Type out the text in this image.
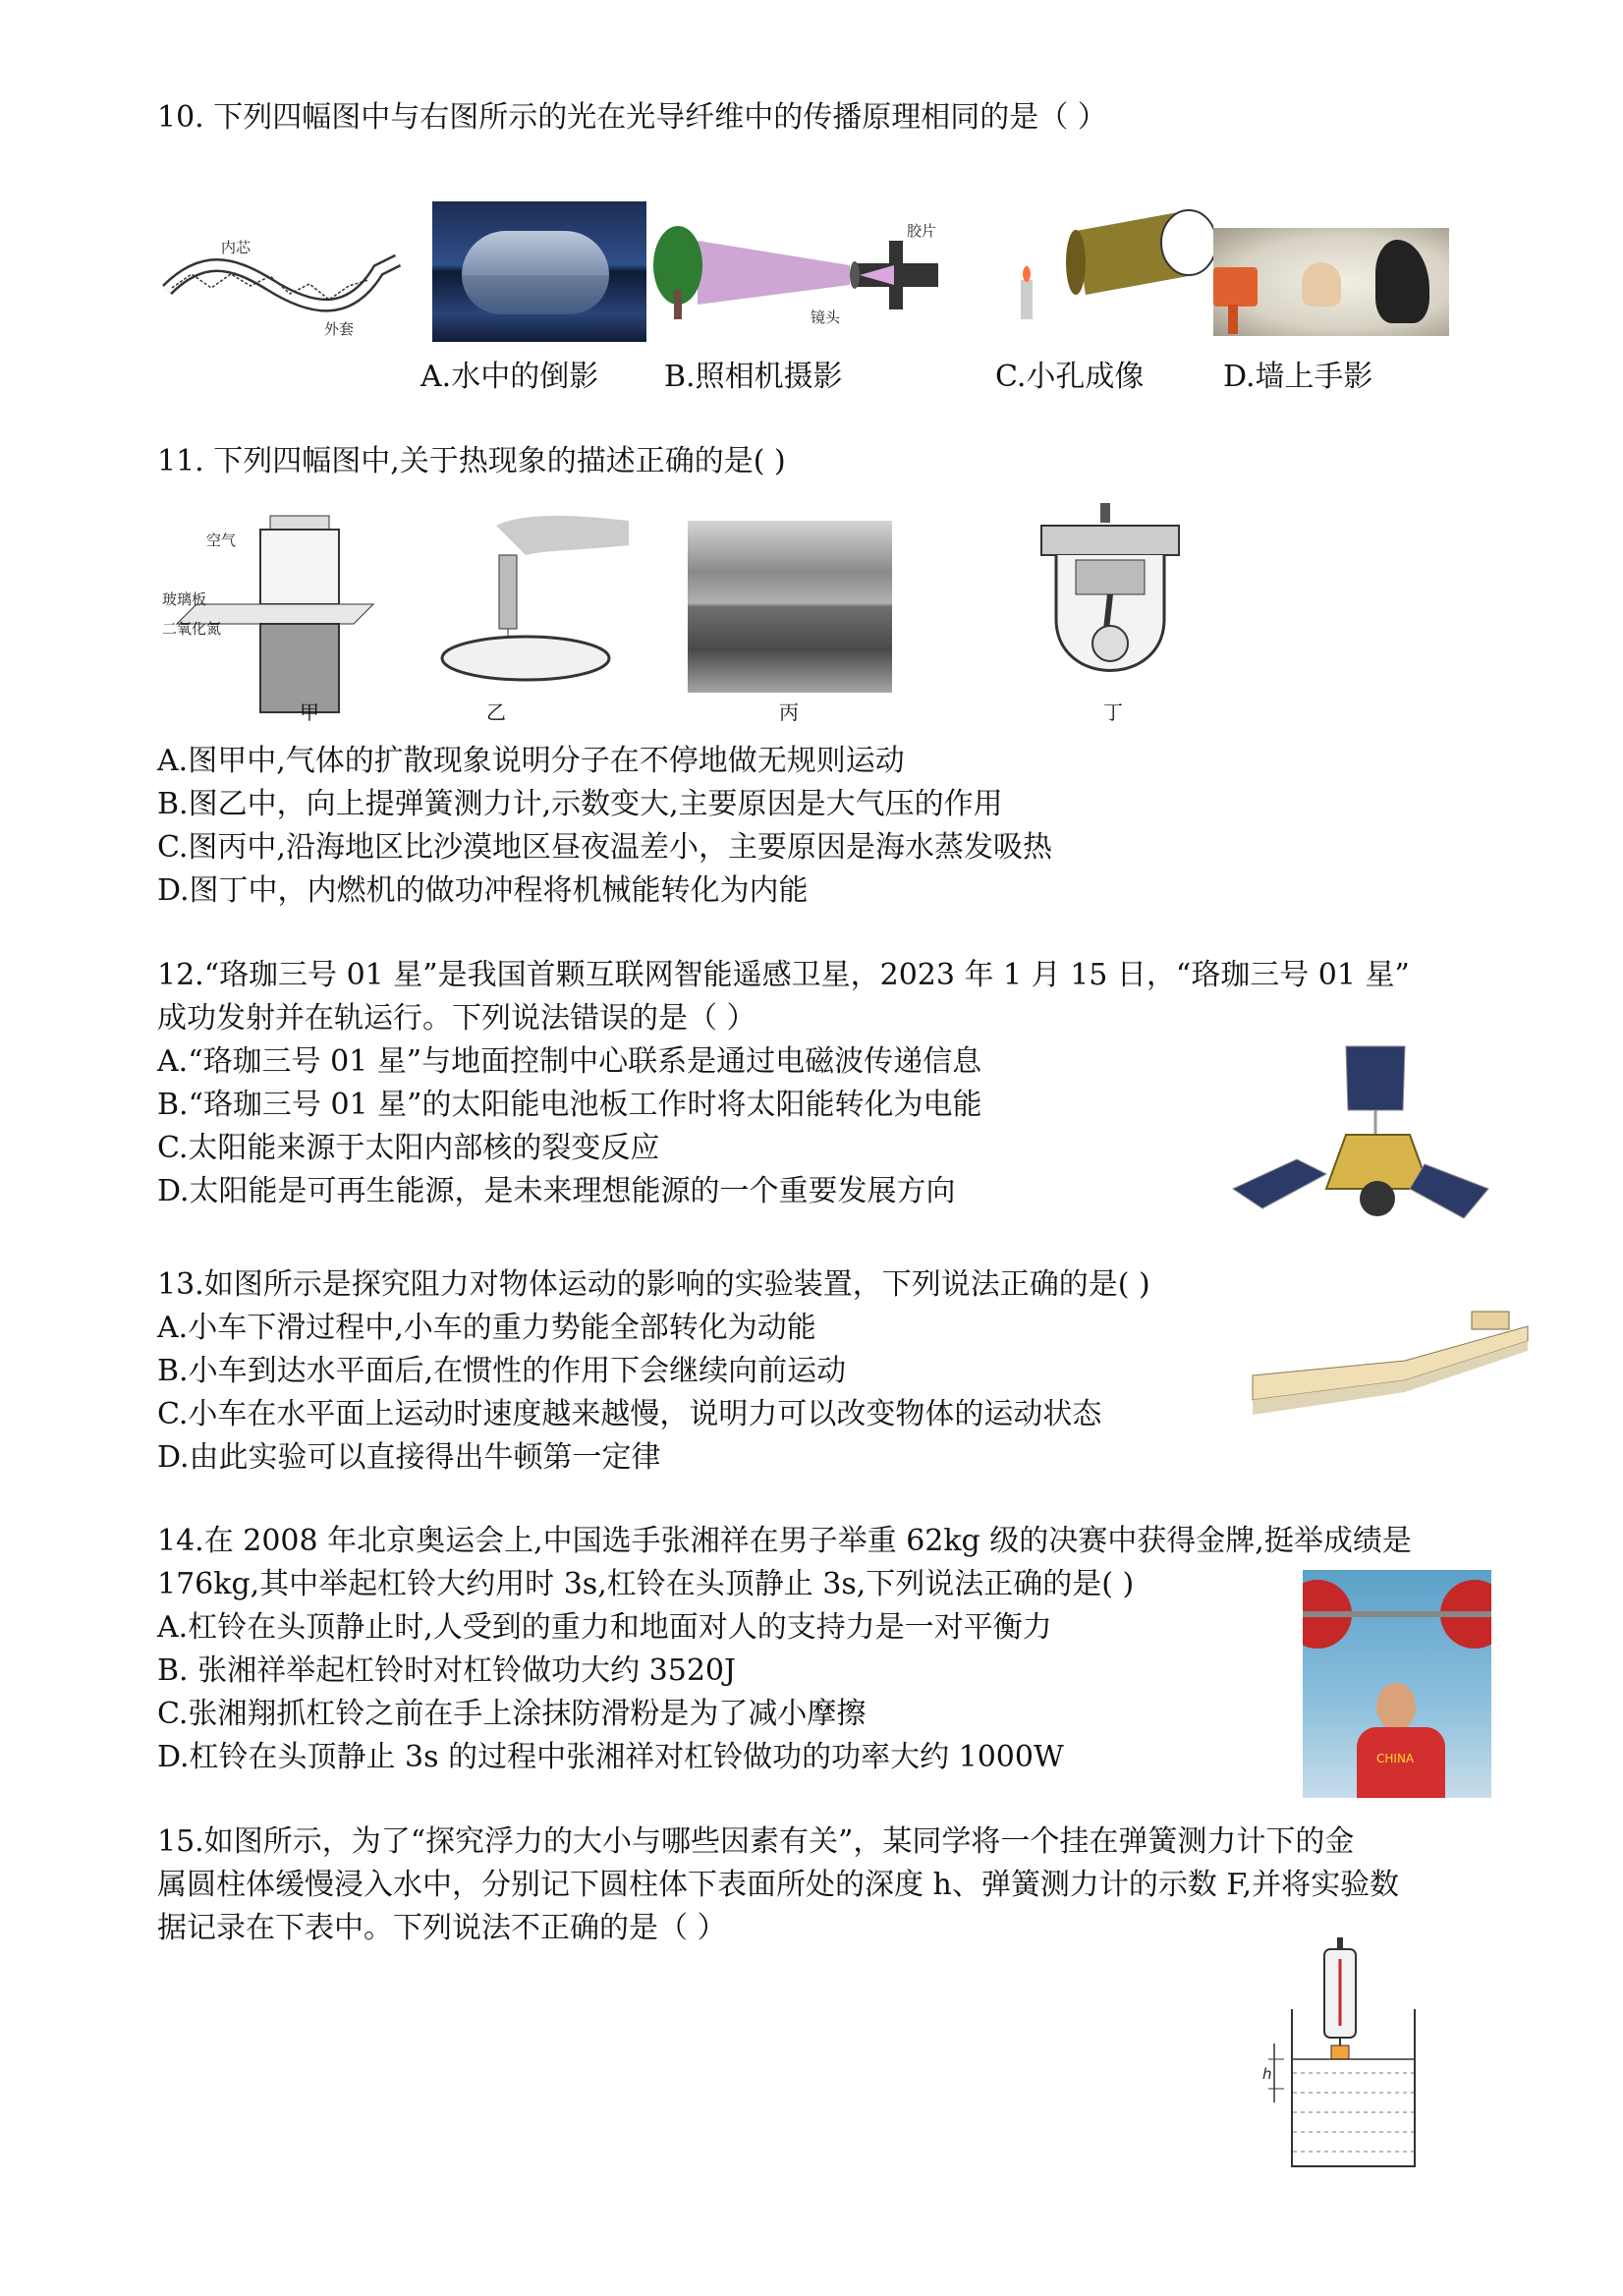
10. 下列四幅图中与右图所示的光在光导纤维中的传播原理相同的是（ ）
内芯
外套
胶片
镜头
A.水中的倒影 B.照相机摄影	C.小孔成像	D.墙上手影
11. 下列四幅图中,关于热现象的描述正确的是( )
空气
玻璃板
二氧化氮
甲	乙	丙	丁
A.图甲中,气体的扩散现象说明分子在不停地做无规则运动
B.图乙中，向上提弹簧测力计,示数变大,主要原因是大气压的作用
C.图丙中,沿海地区比沙漠地区昼夜温差小，主要原因是海水蒸发吸热
D.图丁中，内燃机的做功冲程将机械能转化为内能
12.“珞珈三号 01 星”是我国首颗互联网智能遥感卫星，2023 年 1 月 15 日，“珞珈三号 01 星”
成功发射并在轨运行。下列说法错误的是（ ）
A.“珞珈三号 01 星”与地面控制中心联系是通过电磁波传递信息
B.“珞珈三号 01 星”的太阳能电池板工作时将太阳能转化为电能
C.太阳能来源于太阳内部核的裂变反应
D.太阳能是可再生能源，是未来理想能源的一个重要发展方向
13.如图所示是探究阻力对物体运动的影响的实验装置，下列说法正确的是( )
A.小车下滑过程中,小车的重力势能全部转化为动能
B.小车到达水平面后,在惯性的作用下会继续向前运动
C.小车在水平面上运动时速度越来越慢，说明力可以改变物体的运动状态
D.由此实验可以直接得出牛顿第一定律
14.在 2008 年北京奥运会上,中国选手张湘祥在男子举重 62kg 级的决赛中获得金牌,挺举成绩是
176kg,其中举起杠铃大约用时 3s,杠铃在头顶静止 3s,下列说法正确的是( )
A.杠铃在头顶静止时,人受到的重力和地面对人的支持力是一对平衡力
B. 张湘祥举起杠铃时对杠铃做功大约 3520J
C.张湘翔抓杠铃之前在手上涂抹防滑粉是为了减小摩擦
D.杠铃在头顶静止 3s 的过程中张湘祥对杠铃做功的功率大约 1000W	CHINA
15.如图所示，为了“探究浮力的大小与哪些因素有关”，某同学将一个挂在弹簧测力计下的金
属圆柱体缓慢浸入水中，分别记下圆柱体下表面所处的深度 h、弹簧测力计的示数 F,并将实验数
据记录在下表中。下列说法不正确的是（ ）
h
